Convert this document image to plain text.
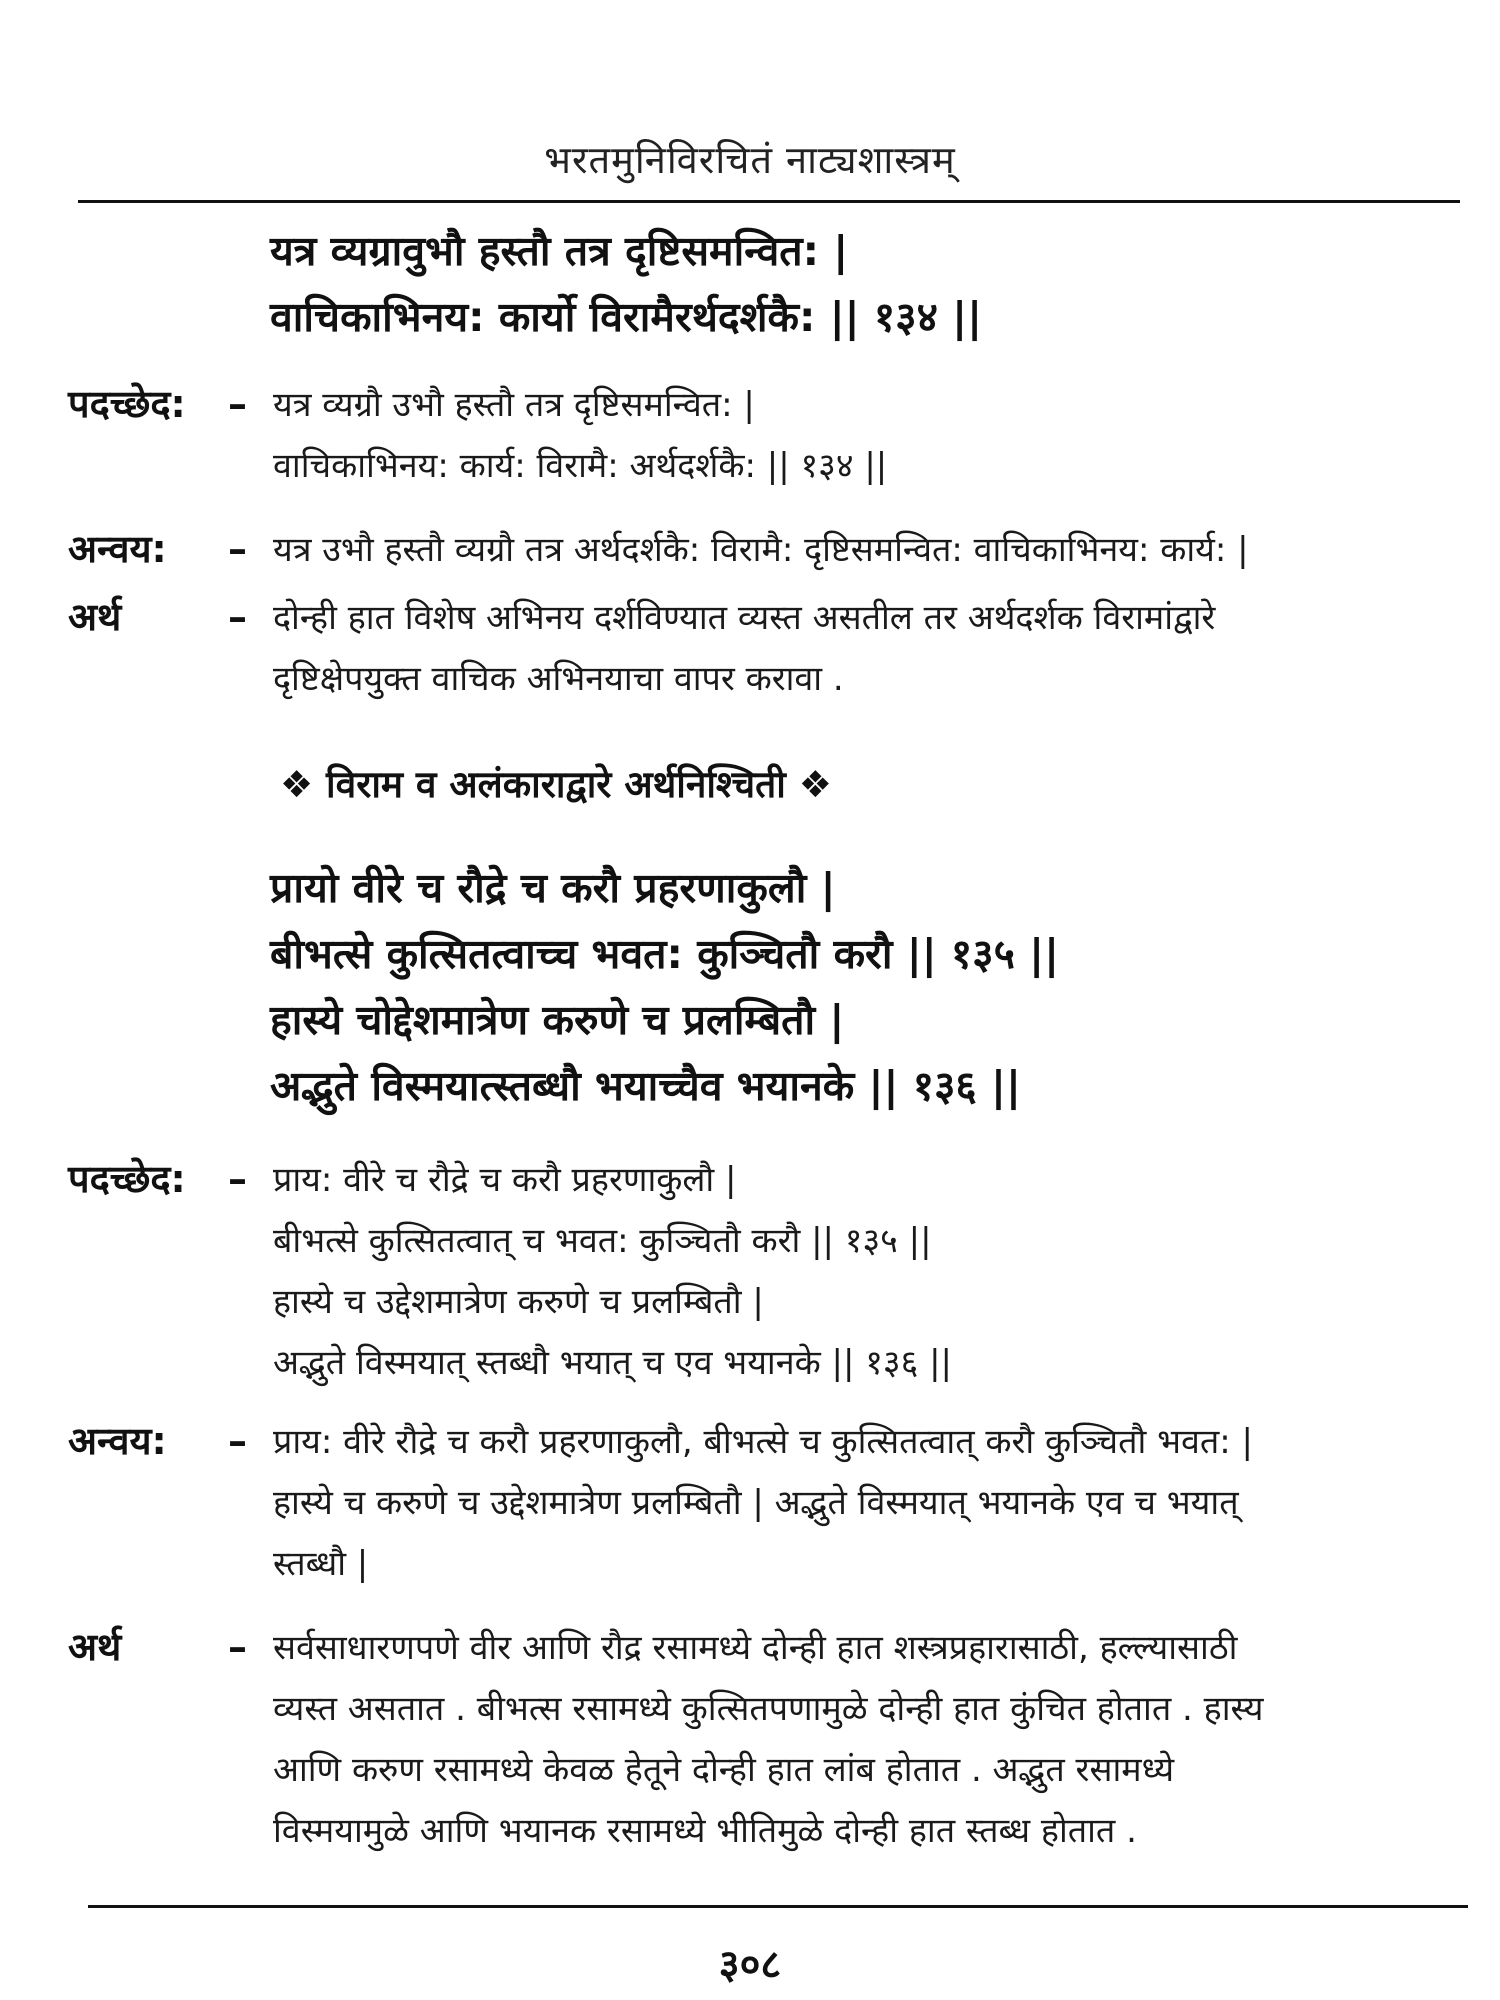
भरतमुनिविरचितं नाट्यशास्त्रम्
यत्र व्यग्रावुभौ हस्तौ तत्र दृष्टिसमन्वित: |
वाचिकाभिनय: कार्यो विरामैरर्थदर्शकै: || १३४ ||
पदच्छेद: – यत्र व्यग्रौ उभौ हस्तौ तत्र दृष्टिसमन्वित: |
वाचिकाभिनय: कार्य: विरामै: अर्थदर्शकै: || १३४ ||
अन्वय: – यत्र उभौ हस्तौ व्यग्रौ तत्र अर्थदर्शकै: विरामै: दृष्टिसमन्वित: वाचिकाभिनय: कार्य: |
अर्थ	– दोन्ही हात विशेष अभिनय दर्शविण्यात व्यस्त असतील तर अर्थदर्शक विरामांद्वारे
दृष्टिक्षेपयुक्त वाचिक अभिनयाचा वापर करावा .
❖ विराम व अलंकाराद्वारे अर्थनिश्चिती ❖
प्रायो वीरे च रौद्रे च करौ प्रहरणाकुलौ |
बीभत्से कुत्सितत्वाच्च भवत: कुञ्चितौ करौ || १३५ ||
हास्ये चोद्देशमात्रेण करुणे च प्रलम्बितौ |
अद्भुते विस्मयात्स्तब्धौ भयाच्चैव भयानके || १३६ ||
पदच्छेद: – प्राय: वीरे च रौद्रे च करौ प्रहरणाकुलौ |
बीभत्से कुत्सितत्वात् च भवत: कुञ्चितौ करौ || १३५ ||
हास्ये च उद्देशमात्रेण करुणे च प्रलम्बितौ |
अद्भुते विस्मयात् स्तब्धौ भयात् च एव भयानके || १३६ ||
अन्वय: – प्राय: वीरे रौद्रे च करौ प्रहरणाकुलौ, बीभत्से च कुत्सितत्वात् करौ कुञ्चितौ भवत: |
हास्ये च करुणे च उद्देशमात्रेण प्रलम्बितौ | अद्भुते विस्मयात् भयानके एव च भयात्
स्तब्धौ |
अर्थ	– सर्वसाधारणपणे वीर आणि रौद्र रसामध्ये दोन्ही हात शस्त्रप्रहारासाठी, हल्ल्यासाठी
व्यस्त असतात . बीभत्स रसामध्ये कुत्सितपणामुळे दोन्ही हात कुंचित होतात . हास्य
आणि करुण रसामध्ये केवळ हेतूने दोन्ही हात लांब होतात . अद्भुत रसामध्ये
विस्मयामुळे आणि भयानक रसामध्ये भीतिमुळे दोन्ही हात स्तब्ध होतात .
३०८
